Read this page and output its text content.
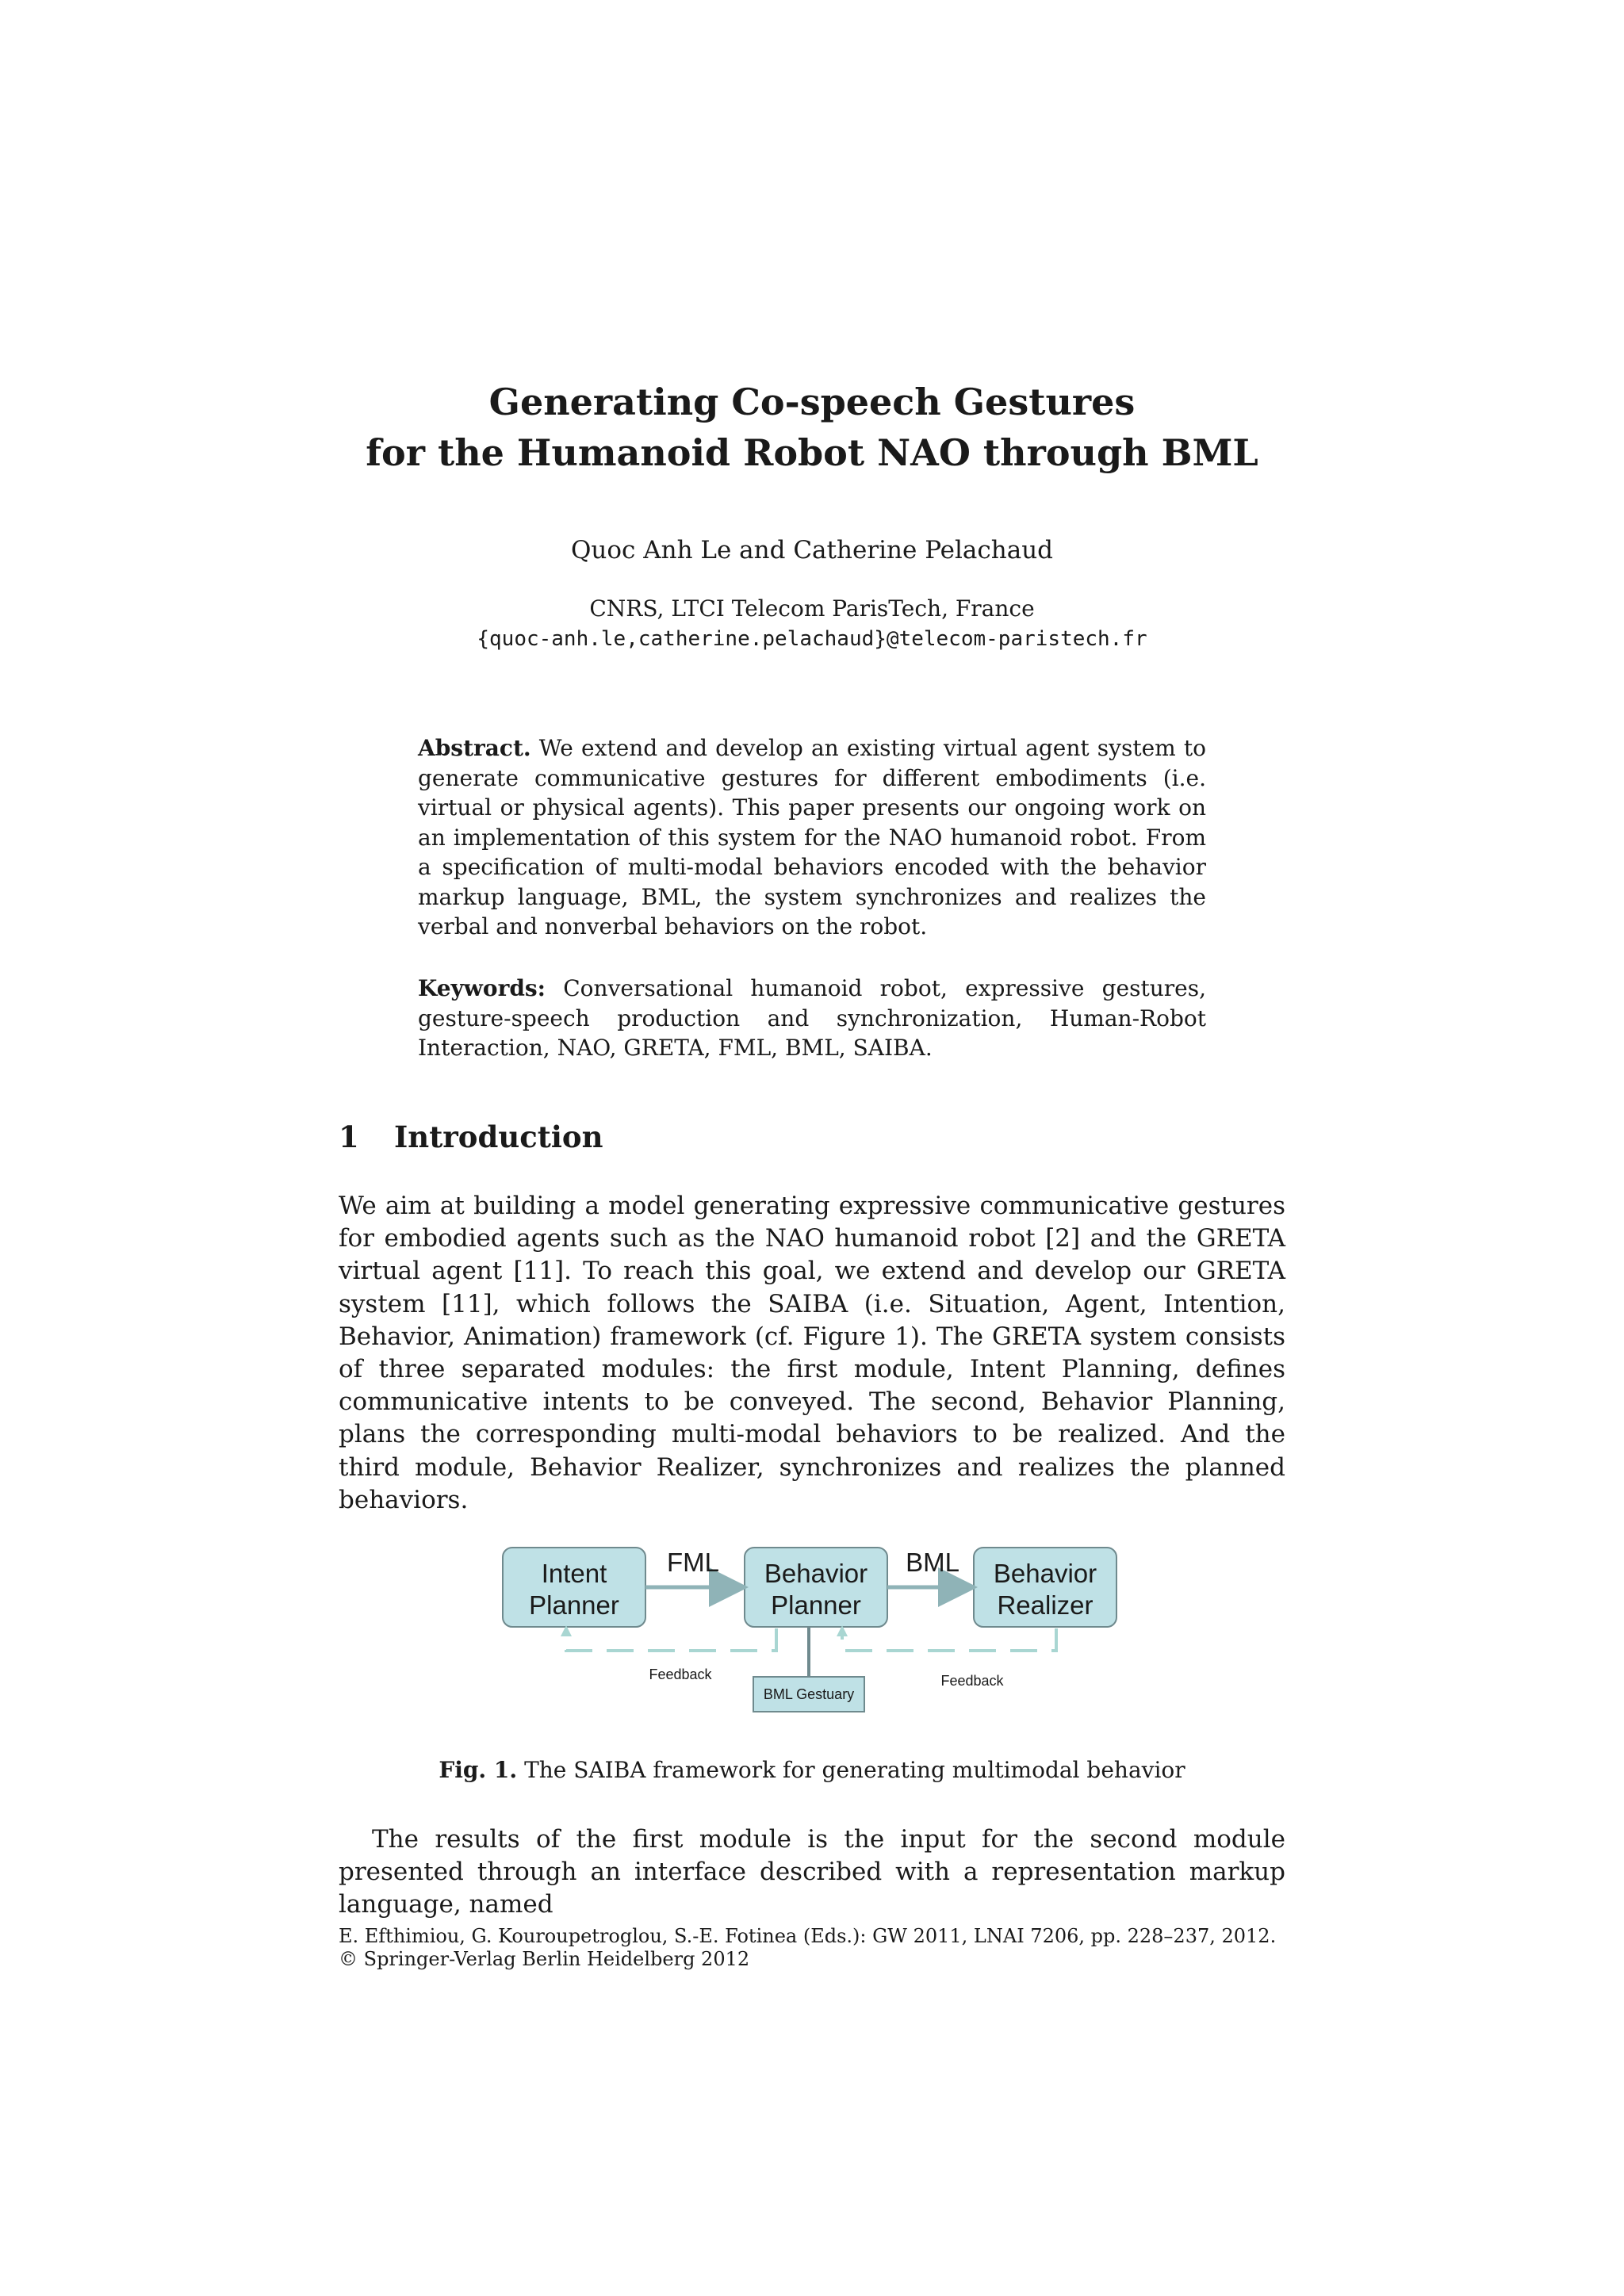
Generating Co-speech Gestures
for the Humanoid Robot NAO through BML
Quoc Anh Le and Catherine Pelachaud
CNRS, LTCI Telecom ParisTech, France
{quoc-anh.le,catherine.pelachaud}@telecom-paristech.fr
Abstract. We extend and develop an existing virtual agent system to generate communicative gestures for different embodiments (i.e. virtual or physical agents). This paper presents our ongoing work on an implementation of this system for the NAO humanoid robot. From a specification of multi-modal behaviors encoded with the behavior markup language, BML, the system synchronizes and realizes the verbal and nonverbal behaviors on the robot.
Keywords: Conversational humanoid robot, expressive gestures, gesture-speech production and synchronization, Human-Robot Interaction, NAO, GRETA, FML, BML, SAIBA.
1 Introduction
We aim at building a model generating expressive communicative gestures for embodied agents such as the NAO humanoid robot [2] and the GRETA virtual agent [11]. To reach this goal, we extend and develop our GRETA system [11], which follows the SAIBA (i.e. Situation, Agent, Intention, Behavior, Animation) framework (cf. Figure 1). The GRETA system consists of three separated modules: the first module, Intent Planning, defines communicative intents to be conveyed. The second, Behavior Planning, plans the corresponding multi-modal behaviors to be realized. And the third module, Behavior Realizer, synchronizes and realizes the planned behaviors.
Intent
Planner
Behavior
Planner
Behavior
Realizer
FML	BML
Feedback	Feedback
BML Gestuary
Fig. 1. The SAIBA framework for generating multimodal behavior
The results of the first module is the input for the second module presented through an interface described with a representation markup language, named
E. Efthimiou, G. Kouroupetroglou, S.-E. Fotinea (Eds.): GW 2011, LNAI 7206, pp. 228–237, 2012.
© Springer-Verlag Berlin Heidelberg 2012
